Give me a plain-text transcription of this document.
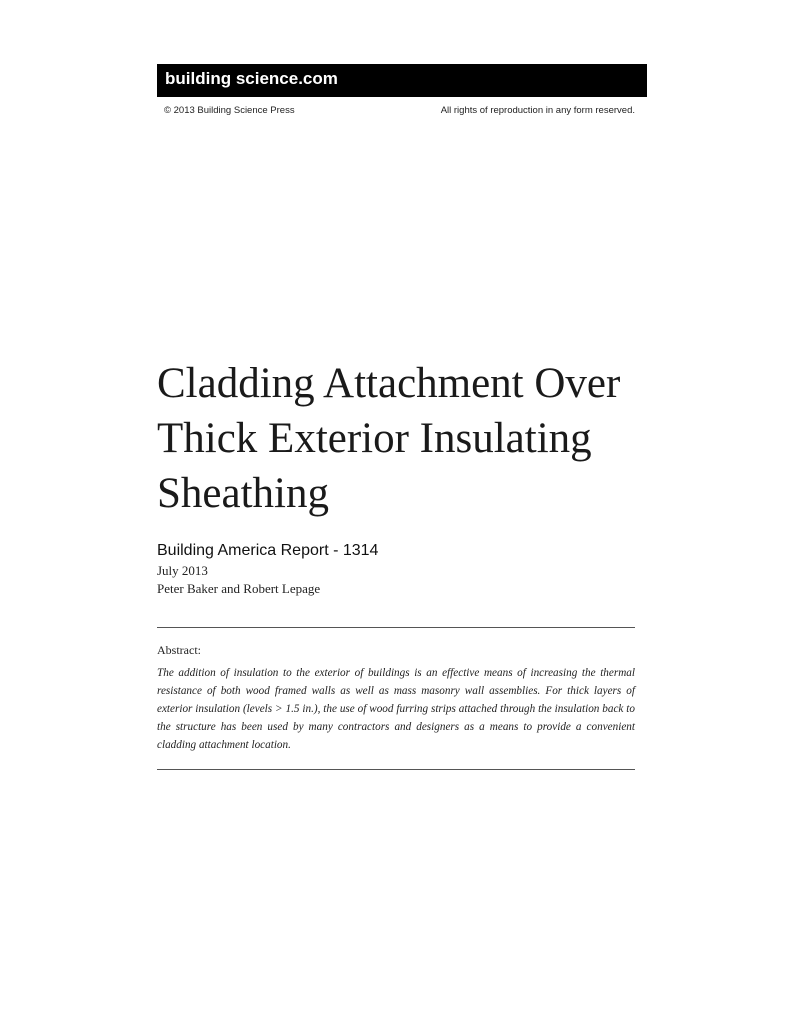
building science.com
© 2013 Building Science Press	All rights of reproduction in any form reserved.
Cladding Attachment Over
Thick Exterior Insulating
Sheathing
Building America Report - 1314
July 2013
Peter Baker and Robert Lepage
Abstract:

The addition of insulation to the exterior of buildings is an effective means of increasing the thermal resistance of both wood framed walls as well as mass masonry wall assemblies. For thick layers of exterior insulation (levels > 1.5 in.), the use of wood furring strips attached through the insulation back to the structure has been used by many contractors and designers as a means to provide a convenient cladding attachment location.
